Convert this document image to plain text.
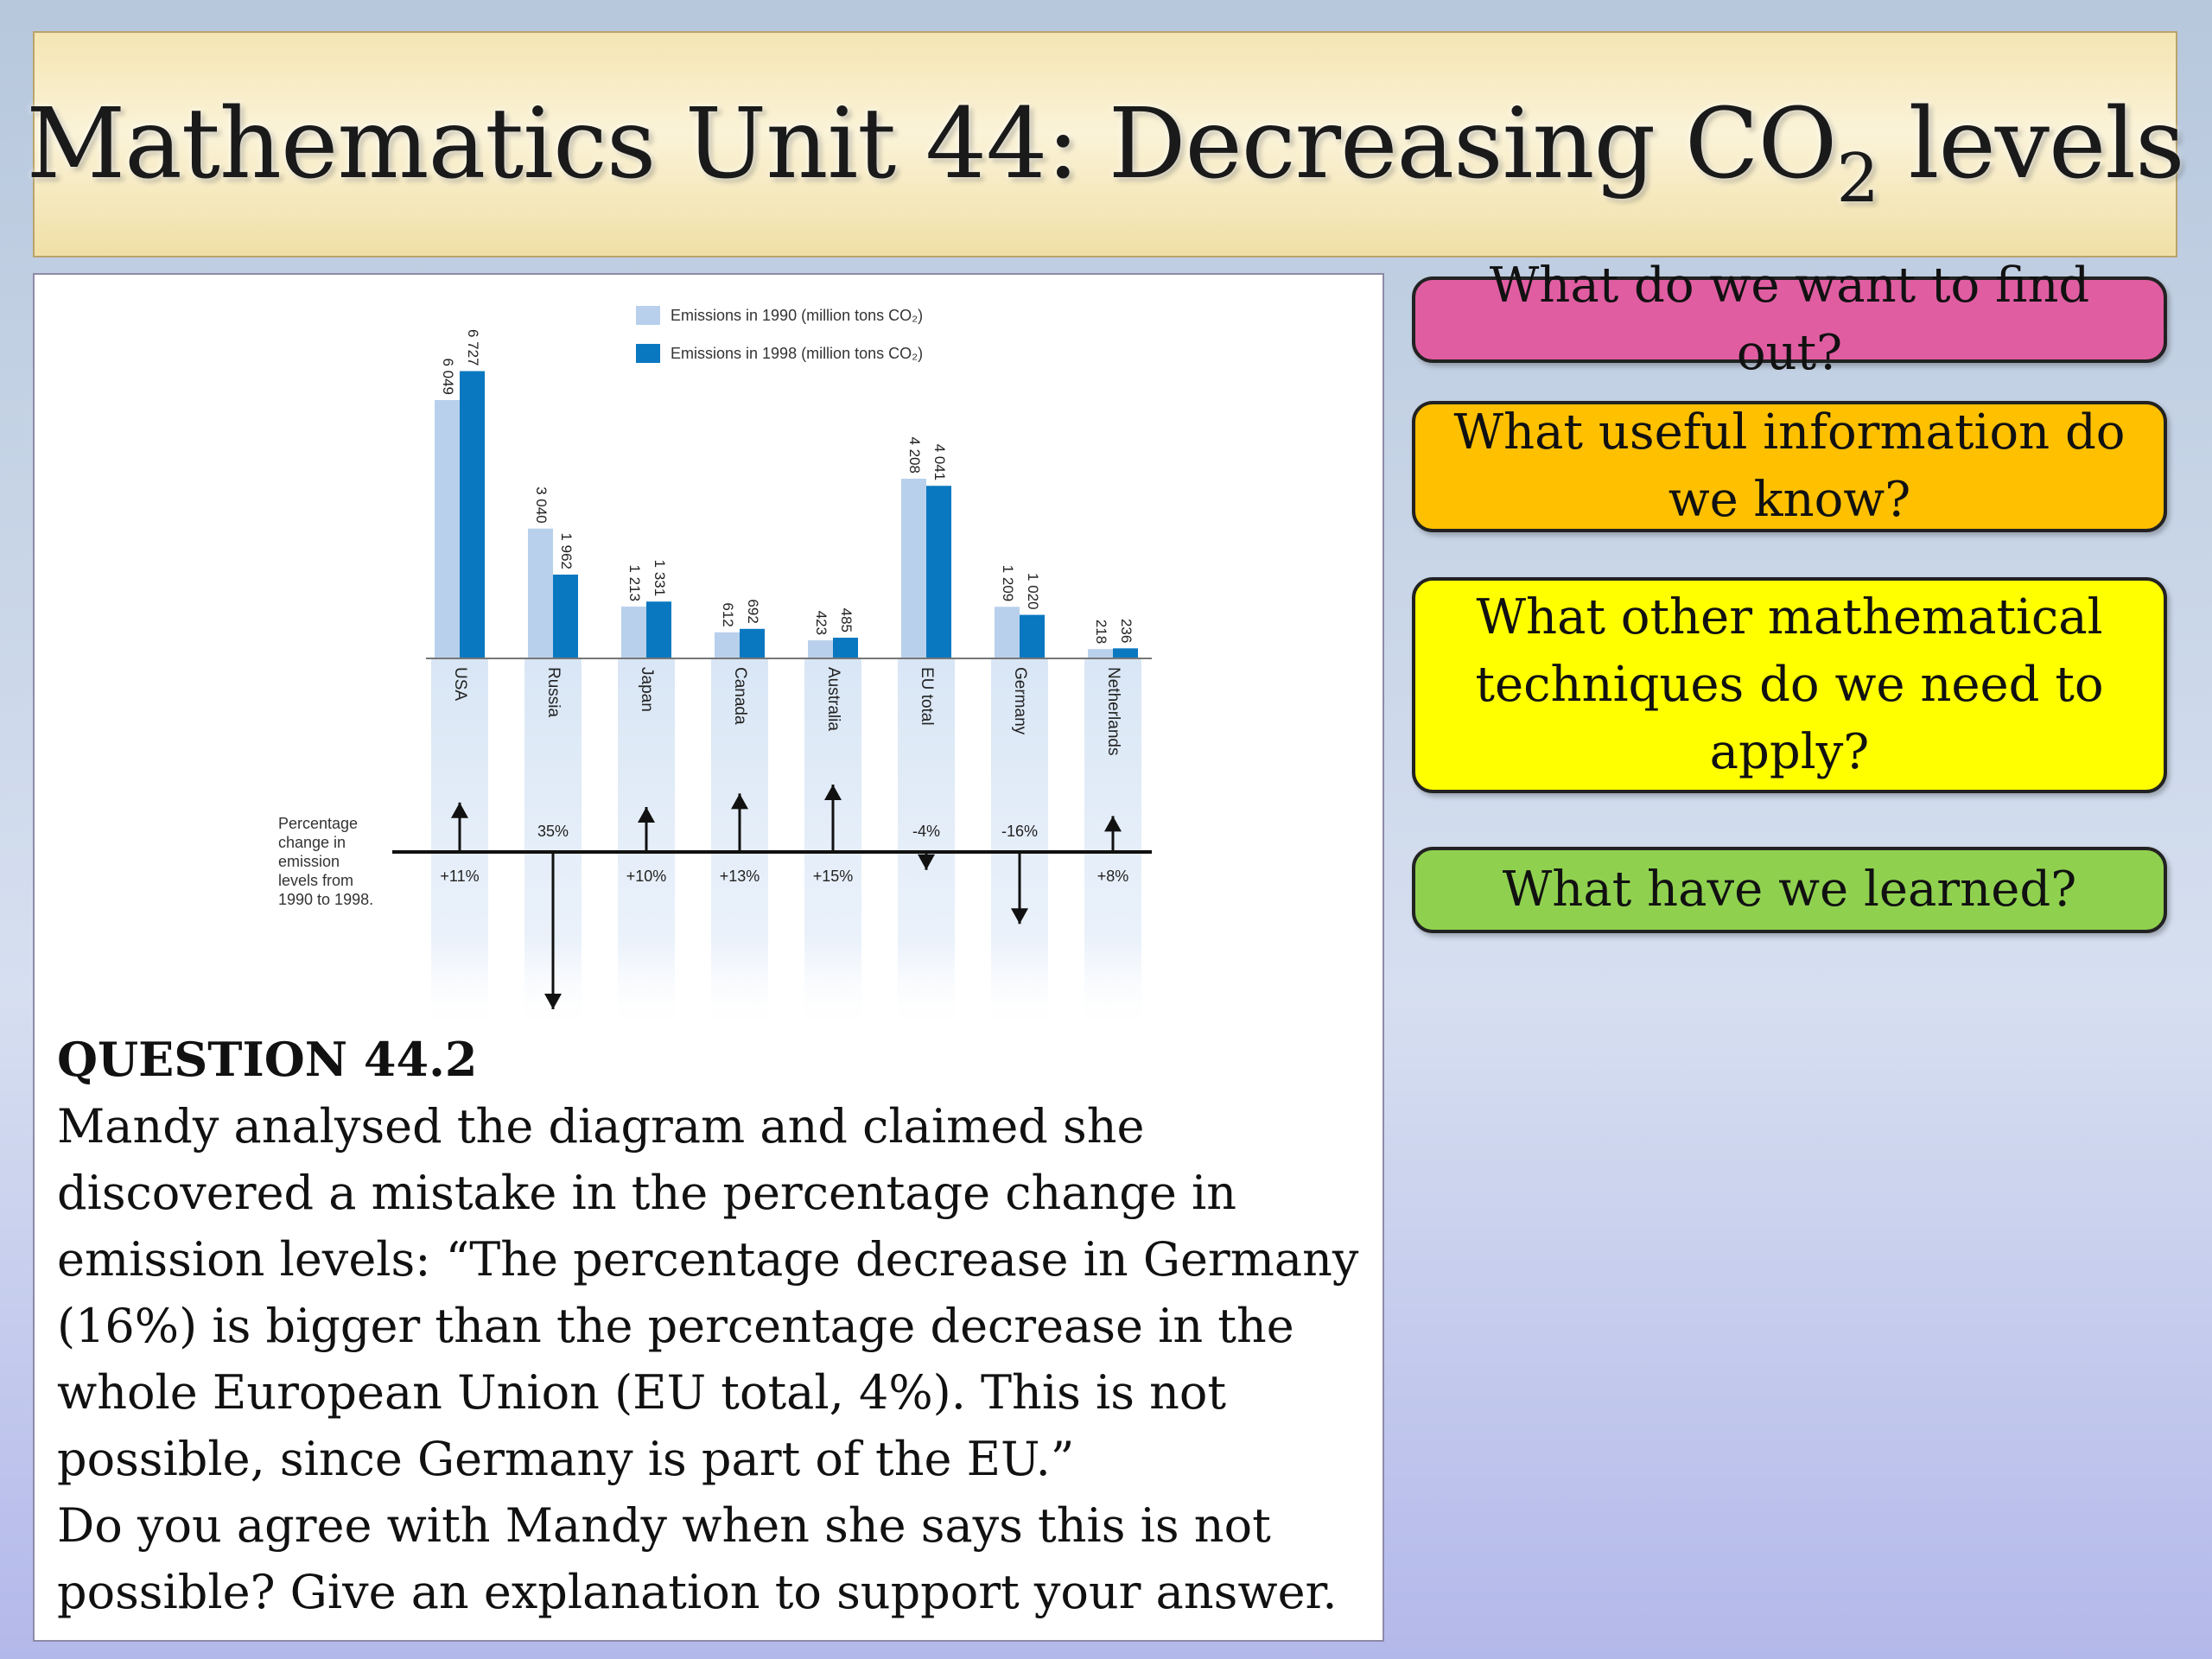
Mathematics Unit 44: Decreasing $CO_2$ levels
6 049
6 727
USA
3 040
1 962
Russia
1 213 1 331
Japan
612 692
Canada
423 485
Australia
4 208 4 041
EU total
1 209 1 020
Germany
218 236
Netherlands
+11%
35%
+10%	+13%	+15%
-4%	-16%
+8%
Percentage
change in
emission
levels from
1990 to 1998.
Emissions in 1990 (million tons CO₂)
Emissions in 1998 (million tons CO₂)
QUESTION 44.2
Mandy analysed the diagram and claimed she
discovered a mistake in the percentage change in
emission levels: “The percentage decrease in Germany
(16%) is bigger than the percentage decrease in the
whole European Union (EU total, 4%). This is not
possible, since Germany is part of the EU.”
Do you agree with Mandy when she says this is not
possible? Give an explanation to support your answer.
What do we want to find out?
What useful information do we know?
What other mathematical techniques do we need to apply?
What have we learned?
